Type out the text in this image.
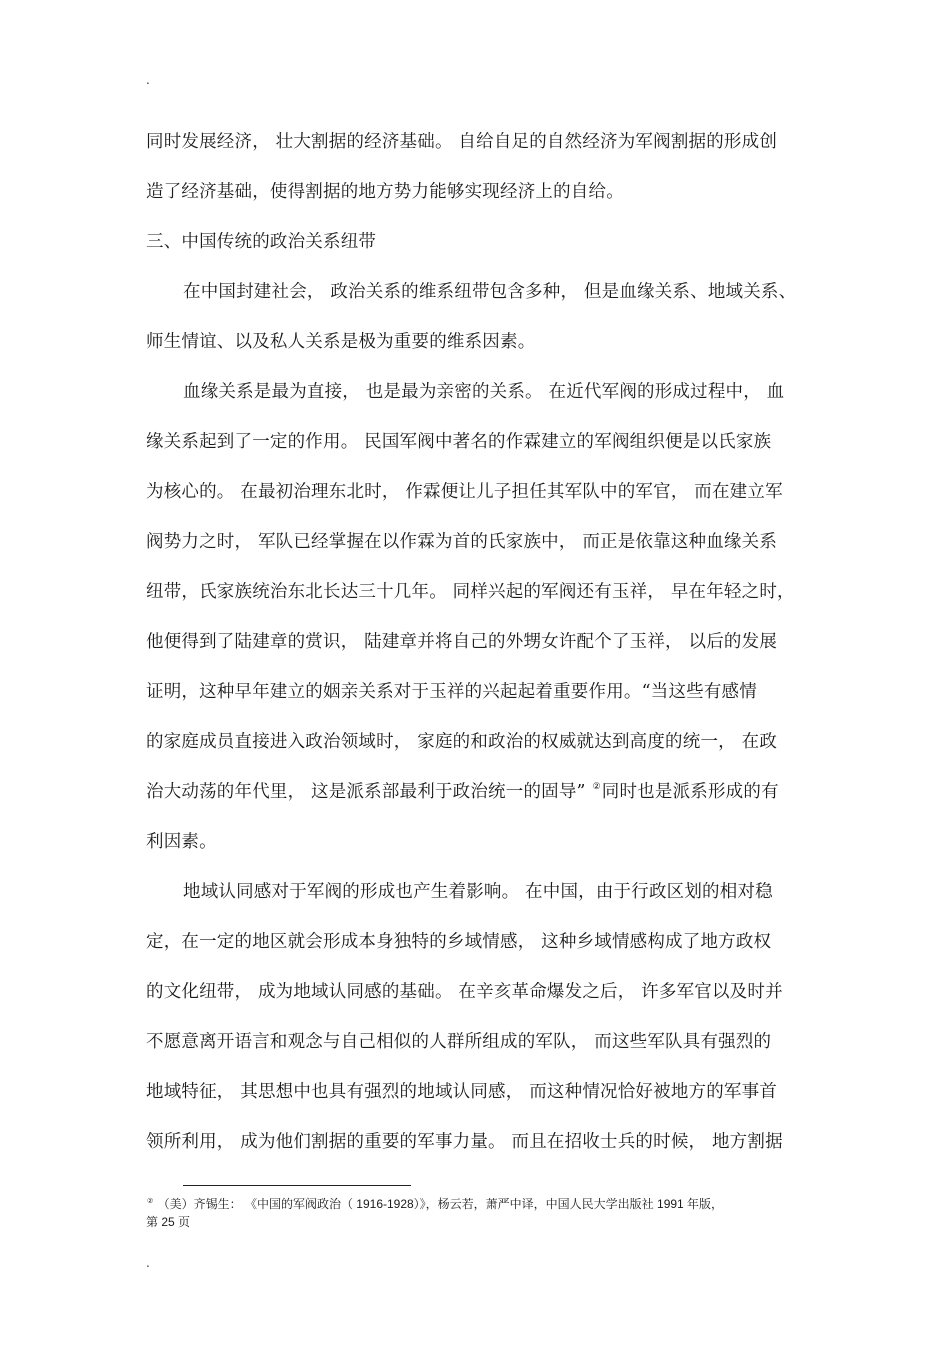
.
同时发展经济， 壮大割据的经济基础。 自给自足的自然经济为军阀割据的形成创
造了经济基础，使得割据的地方势力能够实现经济上的自给。
三、中国传统的政治关系纽带
在中国封建社会， 政治关系的维系纽带包含多种， 但是血缘关系、地域关系、
师生情谊、以及私人关系是极为重要的维系因素。
血缘关系是最为直接， 也是最为亲密的关系。 在近代军阀的形成过程中， 血
缘关系起到了一定的作用。 民国军阀中著名的作霖建立的军阀组织便是以氏家族
为核心的。 在最初治理东北时， 作霖便让儿子担任其军队中的军官， 而在建立军
阀势力之时， 军队已经掌握在以作霖为首的氏家族中， 而正是依靠这种血缘关系
纽带，氏家族统治东北长达三十几年。 同样兴起的军阀还有玉祥， 早在年轻之时，
他便得到了陆建章的赏识， 陆建章并将自己的外甥女许配个了玉祥， 以后的发展
证明，这种早年建立的姻亲关系对于玉祥的兴起起着重要作用。“当这些有感情
的家庭成员直接进入政治领域时， 家庭的和政治的权威就达到高度的统一， 在政
治大动荡的年代里， 这是派系部最利于政治统一的固导” ②同时也是派系形成的有
利因素。
地域认同感对于军阀的形成也产生着影响。 在中国，由于行政区划的相对稳
定，在一定的地区就会形成本身独特的乡域情感， 这种乡域情感构成了地方政权
的文化纽带， 成为地域认同感的基础。 在辛亥革命爆发之后， 许多军官以及时并
不愿意离开语言和观念与自己相似的人群所组成的军队， 而这些军队具有强烈的
地域特征， 其思想中也具有强烈的地域认同感， 而这种情况恰好被地方的军事首
领所利用， 成为他们割据的重要的军事力量。 而且在招收士兵的时候， 地方割据
② （美）齐锡生： 《中国的军阀政治（ 1916-1928）》，杨云若，萧严中译，中国人民大学出版社 1991 年版，
第 25 页
.
